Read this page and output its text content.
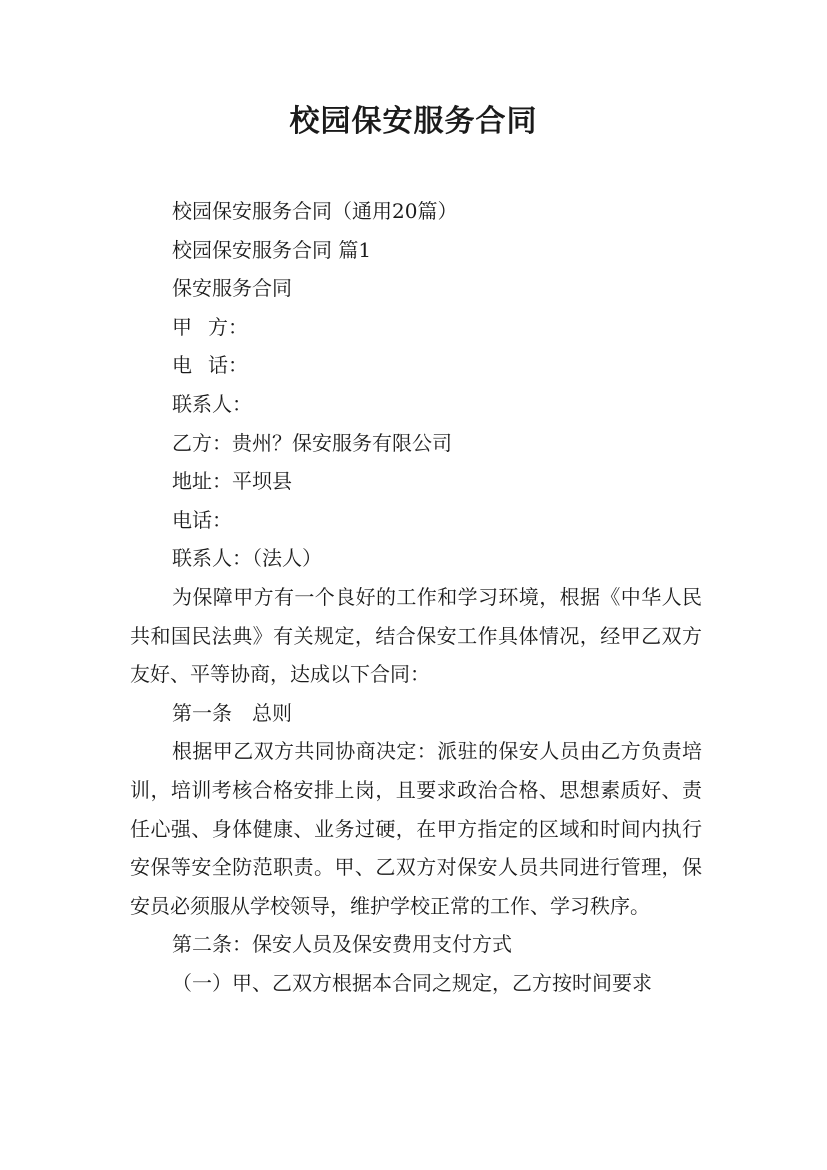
校园保安服务合同

校园保安服务合同（通用20篇）

校园保安服务合同 篇1

保安服务合同

甲 方：

电 话：

联系人：

乙方：贵州？保安服务有限公司

地址：平坝县

电话：

联系人：（法人）

为保障甲方有一个良好的工作和学习环境，根据《中华人民共和国民法典》有关规定，结合保安工作具体情况，经甲乙双方友好、平等协商，达成以下合同：

第一条　总则

根据甲乙双方共同协商决定：派驻的保安人员由乙方负责培训，培训考核合格安排上岗，且要求政治合格、思想素质好、责任心强、身体健康、业务过硬，在甲方指定的区域和时间内执行安保等安全防范职责。甲、乙双方对保安人员共同进行管理，保安员必须服从学校领导，维护学校正常的工作、学习秩序。

第二条：保安人员及保安费用支付方式

（一）甲、乙双方根据本合同之规定，乙方按时间要求
